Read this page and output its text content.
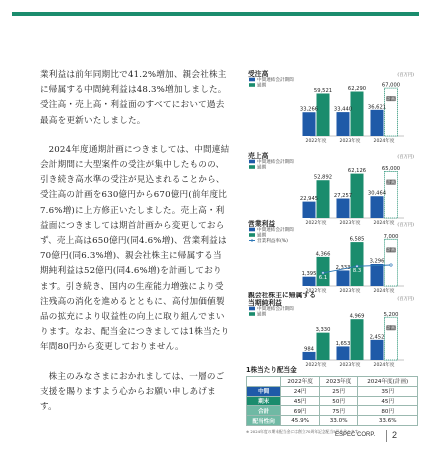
業利益は前年同期比で41.2%増加、親会社株主に帰属する中間純利益は48.3%増加しました。受注高・売上高・利益面のすべてにおいて過去最高を更新いたしました。

2024年度通期計画につきましては、中間連結会計期間に大型案件の受注が集中したものの、引き続き高水準の受注が見込まれることから、受注高の計画を630億円から670億円(前年度比7.6%増)に上方修正いたしました。売上高・利益面につきましては期首計画から変更しておらず、売上高は650億円(同4.6%増)、営業利益は70億円(同6.3%増)、親会社株主に帰属する当期純利益は52億円(同4.6%増)を計画しております。引き続き、国内の生産能力増強により受注残高の消化を進めるとともに、高付加価値製品の拡充により収益性の向上に取り組んでまいります。なお、配当金につきましては1株当たり年間80円から変更しておりません。

株主のみなさまにおかれましては、一層のご支援を賜りますよう心からお願い申しあげます。

受注高	(百万円)
中間連結会計期間
通期
33,266
59,521
2022年度
33,440
62,290
2023年度
(計画)
36,621
67,000
2024年度
売上高	(百万円)
中間連結会計期間
通期
22,945
52,892
2022年度
27,257
62,126
2023年度
(計画)
30,464
65,000
2024年度
営業利益	(百万円)
中間連結会計期間
通期
営業利益率(%)
1,395
4,366
2022年度
2,333
6,585
2023年度
(計画)
3,296
7,000
2024年度
6.1
8.3	10.8
親会社株主に帰属する
当期純利益	(百万円)
中間連結会計期間
通期
984
3,330
2022年度
1,653
4,969
2023年度
(計画)
2,452
5,200
2024年度
1株当たり配当金
	2022年度	2023年度	2024年度(計画)
中間	24円	25円	35円
期末	45円	50円	45円
合計	69円	75円	80円
配当性向	45.9%	33.0%	33.6%
※ 2024年度の期末配当金には創立70周年記念配当5円を含みます。
ESPEC CORP. 2
